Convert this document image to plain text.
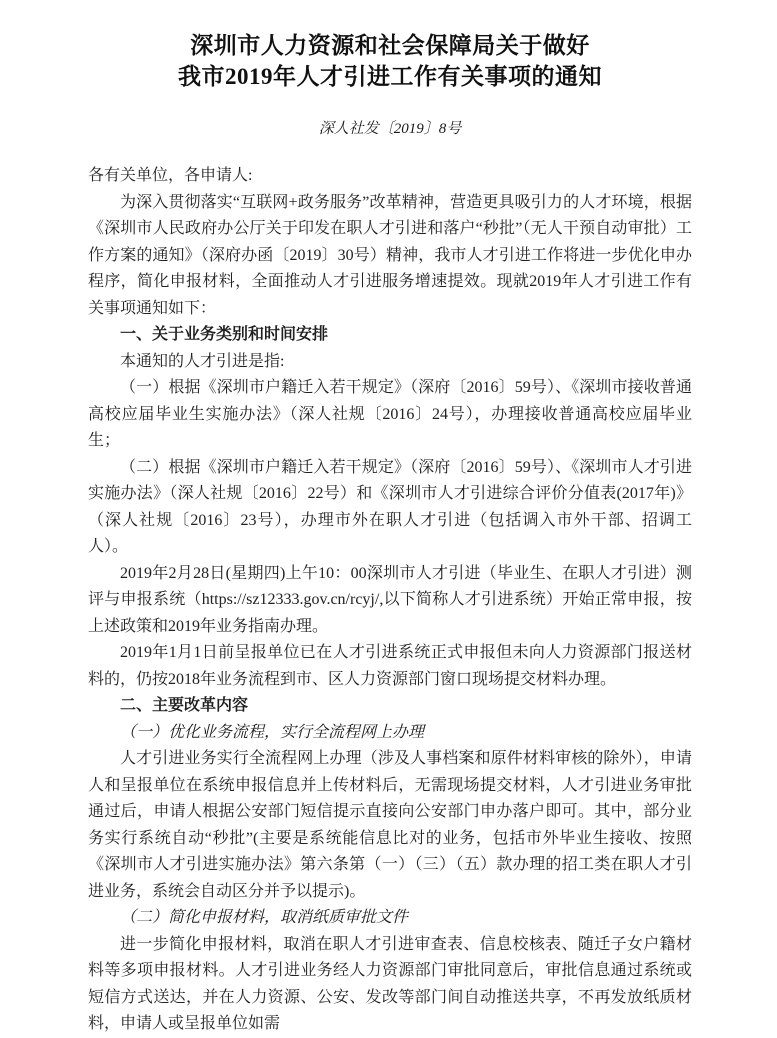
深圳市人力资源和社会保障局关于做好
我市2019年人才引进工作有关事项的通知
深人社发〔2019〕8号
各有关单位，各申请人:
为深入贯彻落实“互联网+政务服务”改革精神，营造更具吸引力的人才环境，根据《深圳市人民政府办公厅关于印发在职人才引进和落户“秒批”（无人干预自动审批）工作方案的通知》（深府办函〔2019〕30号）精神，我市人才引进工作将进一步优化申办程序，简化申报材料，全面推动人才引进服务增速提效。现就2019年人才引进工作有关事项通知如下：
一、关于业务类别和时间安排
本通知的人才引进是指:
（一）根据《深圳市户籍迁入若干规定》（深府〔2016〕59号）、《深圳市接收普通高校应届毕业生实施办法》（深人社规〔2016〕24号），办理接收普通高校应届毕业生；
（二）根据《深圳市户籍迁入若干规定》（深府〔2016〕59号）、《深圳市人才引进实施办法》（深人社规〔2016〕22号）和《深圳市人才引进综合评价分值表(2017年)》（深人社规〔2016〕23号），办理市外在职人才引进（包括调入市外干部、招调工人）。
2019年2月28日(星期四)上午10：00深圳市人才引进（毕业生、在职人才引进）测评与申报系统（https://sz12333.gov.cn/rcyj/,以下简称人才引进系统）开始正常申报，按上述政策和2019年业务指南办理。
2019年1月1日前呈报单位已在人才引进系统正式申报但未向人力资源部门报送材料的，仍按2018年业务流程到市、区人力资源部门窗口现场提交材料办理。
二、主要改革内容
（一）优化业务流程，实行全流程网上办理
人才引进业务实行全流程网上办理（涉及人事档案和原件材料审核的除外），申请人和呈报单位在系统申报信息并上传材料后，无需现场提交材料，人才引进业务审批通过后，申请人根据公安部门短信提示直接向公安部门申办落户即可。其中，部分业务实行系统自动“秒批”(主要是系统能信息比对的业务，包括市外毕业生接收、按照《深圳市人才引进实施办法》第六条第（一）（三）（五）款办理的招工类在职人才引进业务，系统会自动区分并予以提示)。
（二）简化申报材料，取消纸质审批文件
进一步简化申报材料，取消在职人才引进审查表、信息校核表、随迁子女户籍材料等多项申报材料。人才引进业务经人力资源部门审批同意后，审批信息通过系统或短信方式送达，并在人力资源、公安、发改等部门间自动推送共享，不再发放纸质材料，申请人或呈报单位如需
